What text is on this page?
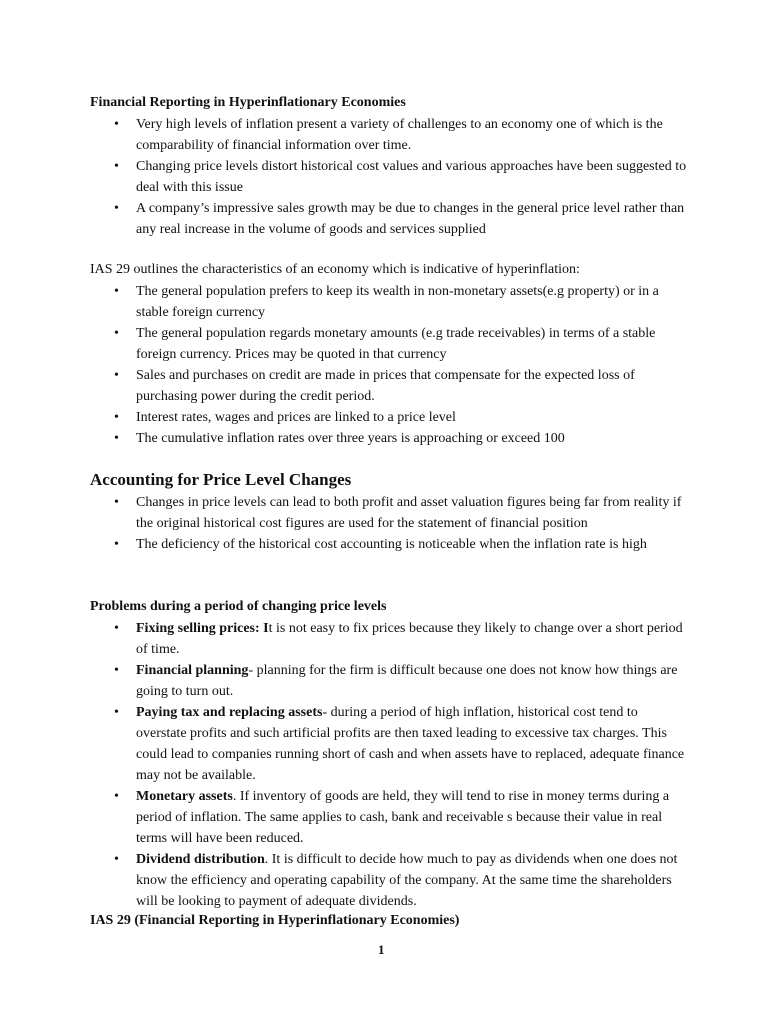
Financial Reporting in Hyperinflationary Economies
• Very high levels of inflation present a variety of challenges to an economy one of which is the comparability of financial information over time.
• Changing price levels distort historical cost values and various approaches have been suggested to deal with this issue
• A company’s impressive sales growth may be due to changes in the general price level rather than any real increase in the volume of goods and services supplied
IAS 29 outlines the characteristics of an economy which is indicative of hyperinflation:
• The general population prefers to keep its wealth in non-monetary assets(e.g property) or in a stable foreign currency
• The general population regards monetary amounts (e.g trade receivables) in terms of a stable foreign currency. Prices may be quoted in that currency
• Sales and purchases on credit are made in prices that compensate for the expected loss of purchasing power during the credit period.
• Interest rates, wages and prices are linked to a price level
• The cumulative inflation rates over three years is approaching or exceed 100
Accounting for Price Level Changes
• Changes in price levels can lead to both profit and asset valuation figures being far from reality if the original historical cost figures are used for the statement of financial position
• The deficiency of the historical cost accounting is noticeable when the inflation rate is high
Problems during a period of changing price levels
• Fixing selling prices: It is not easy to fix prices because they likely to change over a short period of time.
• Financial planning- planning for the firm is difficult because one does not know how things are going to turn out.
• Paying tax and replacing assets- during a period of high inflation, historical cost tend to overstate profits and such artificial profits are then taxed leading to excessive tax charges. This could lead to companies running short of cash and when assets have to replaced, adequate finance may not be available.
• Monetary assets. If inventory of goods are held, they will tend to rise in money terms during a period of inflation. The same applies to cash, bank and receivable s because their value in real terms will have been reduced.
• Dividend distribution. It is difficult to decide how much to pay as dividends when one does not know the efficiency and operating capability of the company. At the same time the shareholders will be looking to payment of adequate dividends.
IAS 29 (Financial Reporting in Hyperinflationary Economies)
1
